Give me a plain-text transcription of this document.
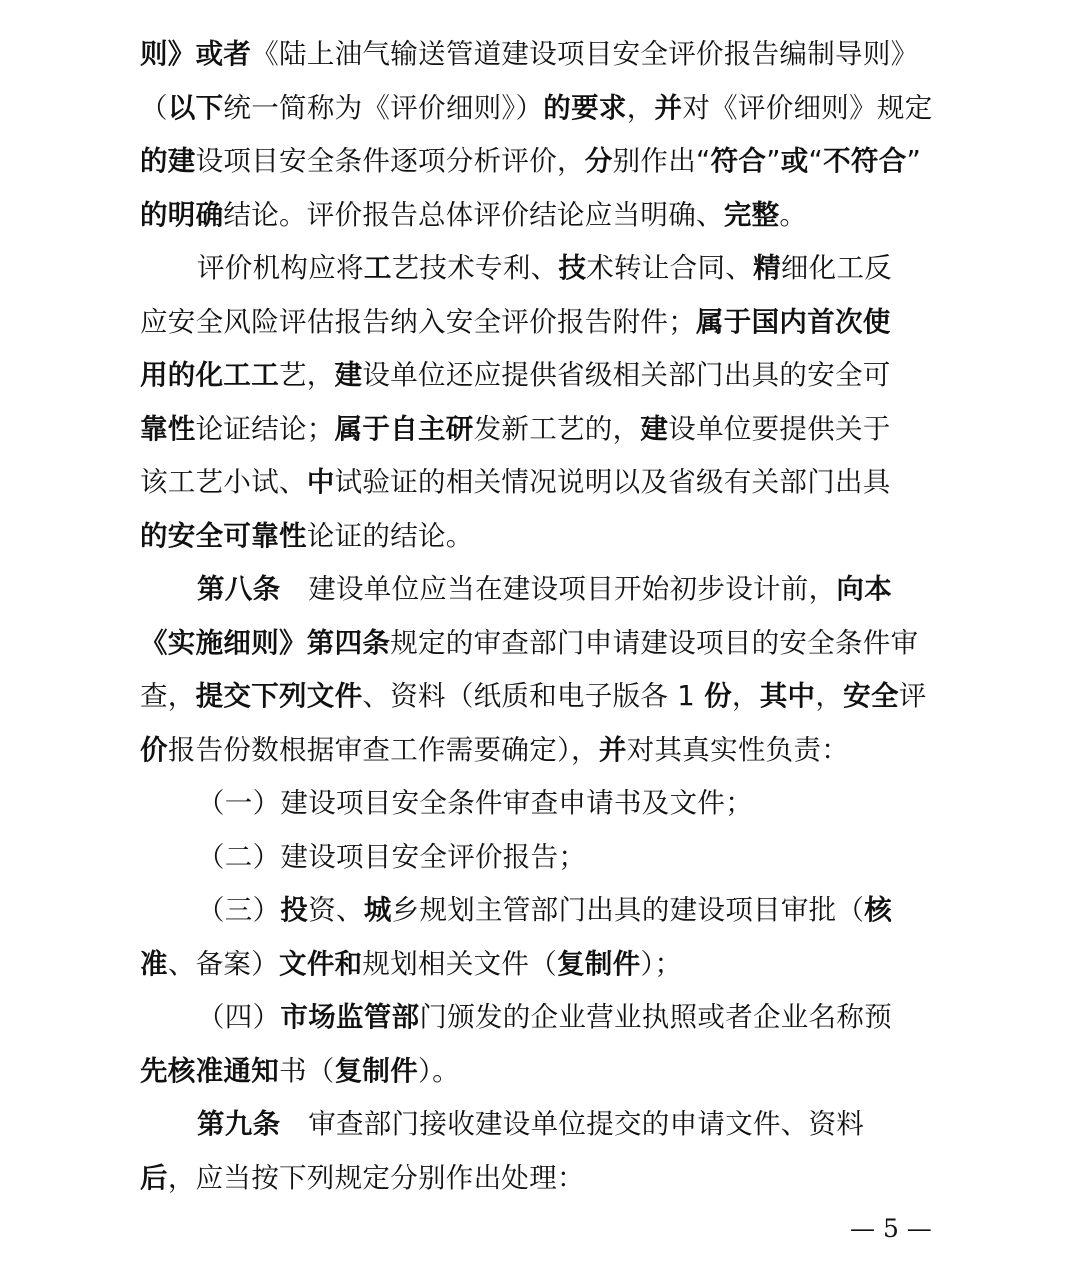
则》或者《陆上油气输送管道建设项目安全评价报告编制导则》
（以下统一简称为《评价细则》）的要求，并对《评价细则》规定
的建设项目安全条件逐项分析评价，分别作出“符合”或“不符合”
的明确结论。评价报告总体评价结论应当明确、完整。
评价机构应将工艺技术专利、技术转让合同、精细化工反
应安全风险评估报告纳入安全评价报告附件；属于国内首次使
用的化工工艺，建设单位还应提供省级相关部门出具的安全可
靠性论证结论；属于自主研发新工艺的，建设单位要提供关于
该工艺小试、中试验证的相关情况说明以及省级有关部门出具
的安全可靠性论证的结论。
第八条　建设单位应当在建设项目开始初步设计前，向本
《实施细则》第四条规定的审查部门申请建设项目的安全条件审
查，提交下列文件、资料（纸质和电子版各 1 份，其中，安全评
价报告份数根据审查工作需要确定），并对其真实性负责：
（一）建设项目安全条件审查申请书及文件；
（二）建设项目安全评价报告；
（三）投资、城乡规划主管部门出具的建设项目审批（核
准、备案）文件和规划相关文件（复制件）；
（四）市场监管部门颁发的企业营业执照或者企业名称预
先核准通知书（复制件）。
第九条　审查部门接收建设单位提交的申请文件、资料
后，应当按下列规定分别作出处理：
— 5 —
